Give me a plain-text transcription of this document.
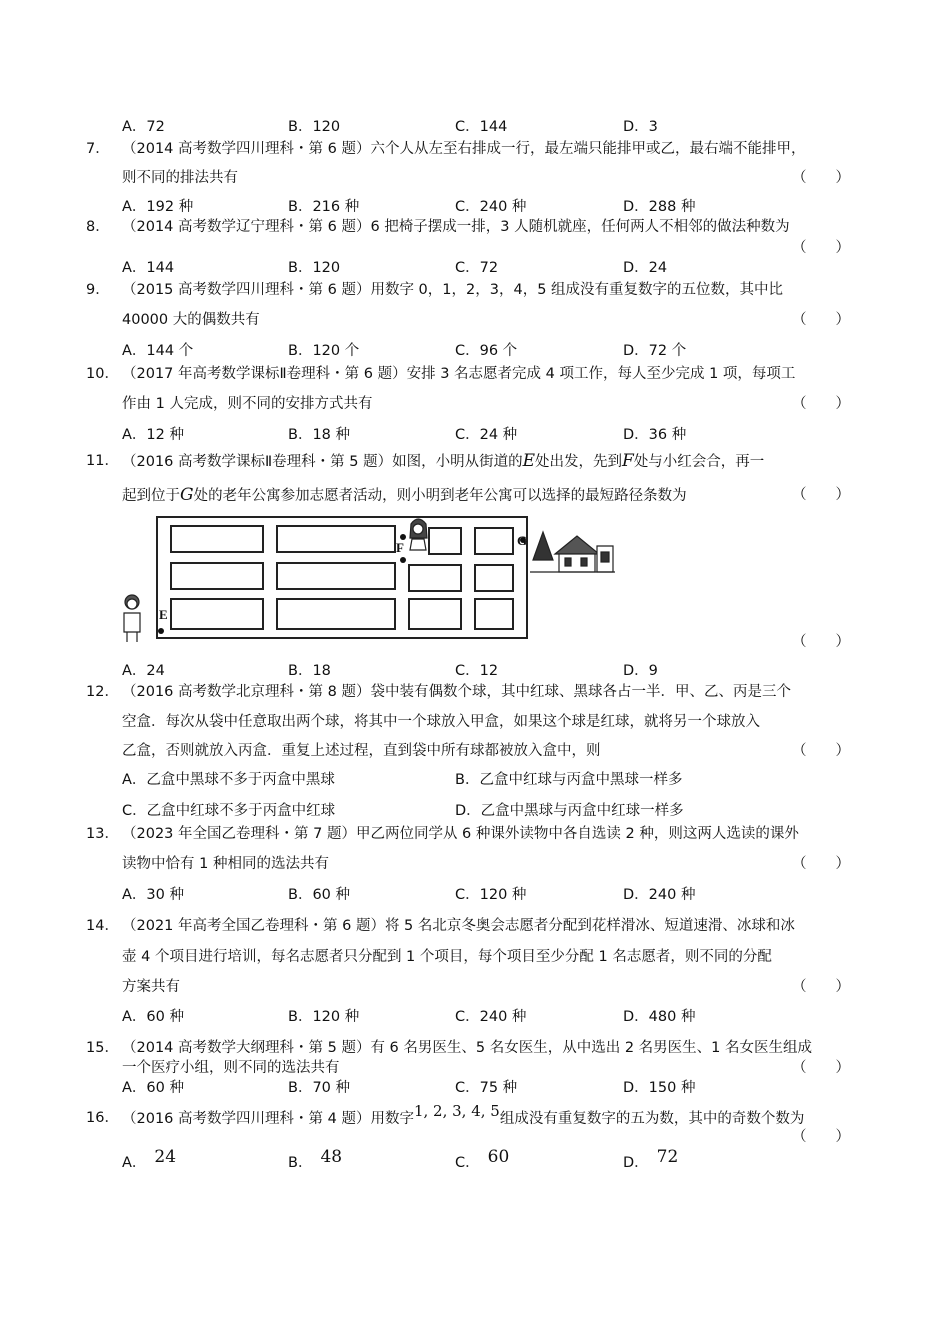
A．72	B．120	C．144	D．3
7． （2014 高考数学四川理科・第 6 题）六个人从左至右排成一行，最左端只能排甲或乙，最右端不能排甲，
则不同的排法共有	（　　）
A．192 种	B．216 种	C．240 种	D．288 种
8． （2014 高考数学辽宁理科・第 6 题）6 把椅子摆成一排，3 人随机就座，任何两人不相邻的做法种数为
（　　）
A．144	B．120	C．72	D．24
9． （2015 高考数学四川理科・第 6 题）用数字 0，1，2，3，4，5 组成没有重复数字的五位数，其中比
40000 大的偶数共有	（　　）
A．144 个	B．120 个	C．96 个	D．72 个
10． （2017 年高考数学课标Ⅱ卷理科・第 6 题）安排 3 名志愿者完成 4 项工作，每人至少完成 1 项，每项工
作由 1 人完成，则不同的安排方式共有	（　　）
A．12 种	B．18 种	C．24 种	D．36 种
11． （2016 高考数学课标Ⅱ卷理科・第 5 题）如图，小明从街道的E处出发，先到F处与小红会合，再一
起到位于G处的老年公寓参加志愿者活动，则小明到老年公寓可以选择的最短路径条数为	（　　）
E
F	G
（　　）
A．24	B．18	C．12	D．9
12． （2016 高考数学北京理科・第 8 题）袋中装有偶数个球，其中红球、黑球各占一半．甲、乙、丙是三个
空盒．每次从袋中任意取出两个球，将其中一个球放入甲盒，如果这个球是红球，就将另一个球放入
乙盒，否则就放入丙盒．重复上述过程，直到袋中所有球都被放入盒中，则	（　　）
A．乙盒中黑球不多于丙盒中黑球	B．乙盒中红球与丙盒中黑球一样多
C．乙盒中红球不多于丙盒中红球	D．乙盒中黑球与丙盒中红球一样多
13． （2023 年全国乙卷理科・第 7 题）甲乙两位同学从 6 种课外读物中各自选读 2 种，则这两人选读的课外
读物中恰有 1 种相同的选法共有	（　　）
A．30 种	B．60 种	C．120 种	D．240 种
14． （2021 年高考全国乙卷理科・第 6 题）将 5 名北京冬奥会志愿者分配到花样滑冰、短道速滑、冰球和冰
壶 4 个项目进行培训，每名志愿者只分配到 1 个项目，每个项目至少分配 1 名志愿者，则不同的分配
方案共有	（　　）
A．60 种	B．120 种	C．240 种	D．480 种
15． （2014 高考数学大纲理科・第 5 题）有 6 名男医生、5 名女医生，从中选出 2 名男医生、1 名女医生组成
一个医疗小组，则不同的选法共有	（　　）
A．60 种	B．70 种	C．75 种	D．150 种
16． （2016 高考数学四川理科・第 4 题）用数字1, 2, 3, 4, 5组成没有重复数字的五为数，其中的奇数个数为
（　　）
A． 24	B． 48	C． 60	D． 72
